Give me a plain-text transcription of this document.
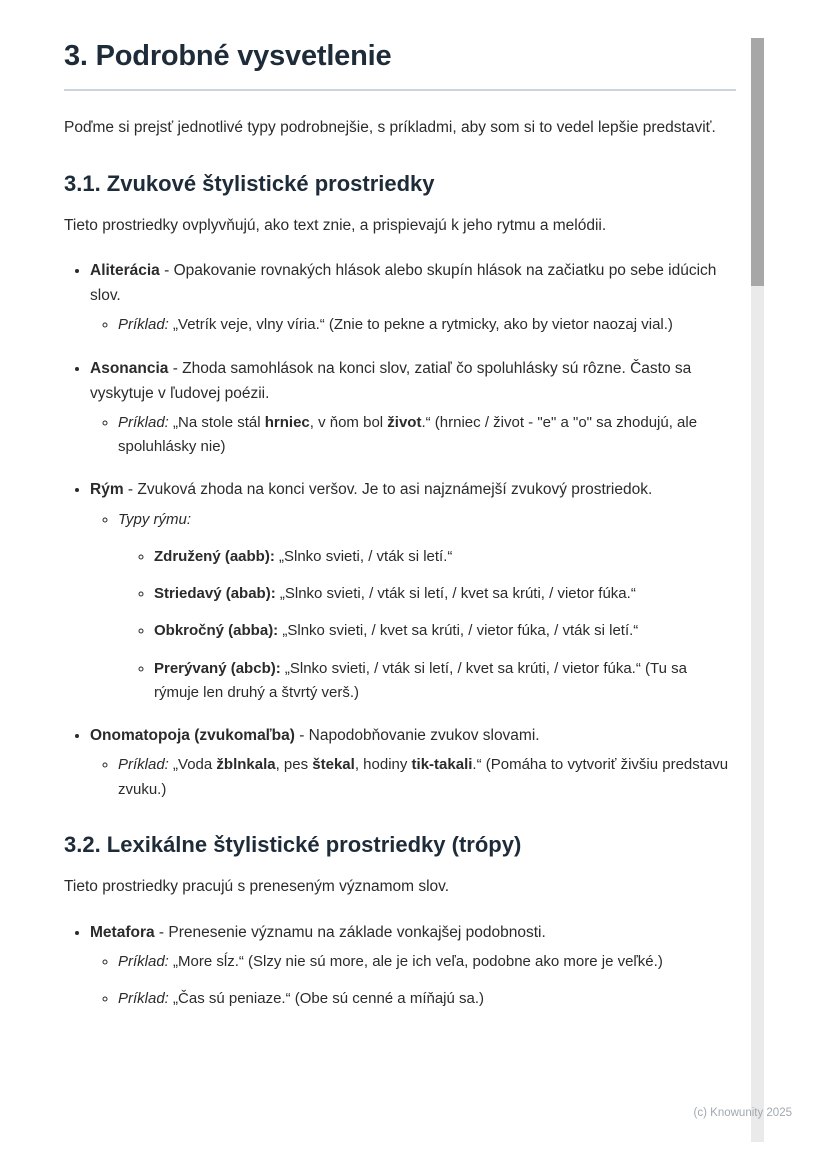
3. Podrobné vysvetlenie

Poďme si prejsť jednotlivé typy podrobnejšie, s príkladmi, aby som si to vedel lepšie predstaviť.

3.1. Zvukové štylistické prostriedky

Tieto prostriedky ovplyvňujú, ako text znie, a prispievajú k jeho rytmu a melódii.

• Aliterácia - Opakovanie rovnakých hlások alebo skupín hlások na začiatku po sebe idúcich slov.
◦ Príklad: „Vetrík veje, vlny víria.“ (Znie to pekne a rytmicky, ako by vietor naozaj vial.)
• Asonancia - Zhoda samohlások na konci slov, zatiaľ čo spoluhlásky sú rôzne. Často sa vyskytuje v ľudovej poézii.
◦ Príklad: „Na stole stál hrniec, v ňom bol život.“ (hrniec / život - "e" a "o" sa zhodujú, ale spoluhlásky nie)
• Rým - Zvuková zhoda na konci veršov. Je to asi najznámejší zvukový prostriedok.
◦ Typy rýmu:
◦ Združený (aabb): „Slnko svieti, / vták si letí.“
◦ Striedavý (abab): „Slnko svieti, / vták si letí, / kvet sa krúti, / vietor fúka.“
◦ Obkročný (abba): „Slnko svieti, / kvet sa krúti, / vietor fúka, / vták si letí.“
◦ Prerývaný (abcb): „Slnko svieti, / vták si letí, / kvet sa krúti, / vietor fúka.“ (Tu sa rýmuje len druhý a štvrtý verš.)
• Onomatopoja (zvukomaľba) - Napodobňovanie zvukov slovami.
◦ Príklad: „Voda žblnkala, pes štekal, hodiny tik-takali.“ (Pomáha to vytvoriť živšiu predstavu zvuku.)
3.2. Lexikálne štylistické prostriedky (trópy)

Tieto prostriedky pracujú s preneseným významom slov.

• Metafora - Prenesenie významu na základe vonkajšej podobnosti.
◦ Príklad: „More sĺz.“ (Slzy nie sú more, ale je ich veľa, podobne ako more je veľké.)
◦ Príklad: „Čas sú peniaze.“ (Obe sú cenné a míňajú sa.)
(c) Knowunity 2025
